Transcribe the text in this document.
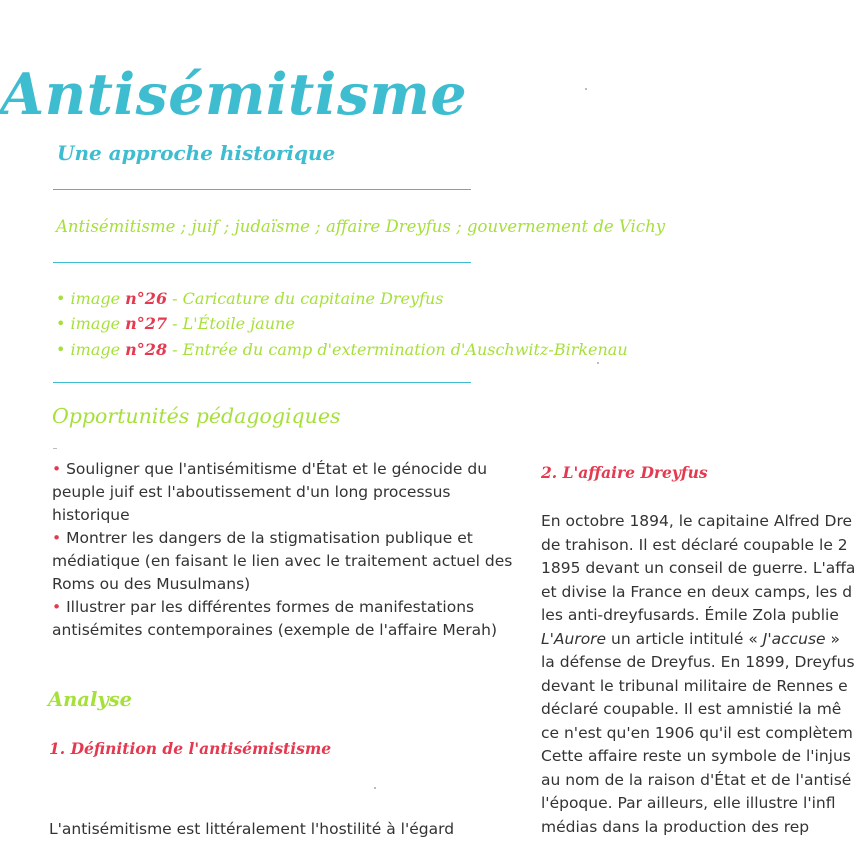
Antisémitisme
Une approche historique
Antisémitisme ; juif ; judaïsme ; affaire Dreyfus ; gouvernement de Vichy
• image n°26 - Caricature du capitaine Dreyfus
• image n°27 - L'Étoile jaune
• image n°28 - Entrée du camp d'extermination d'Auschwitz-Birkenau
Opportunités pédagogiques

• Souligner que l'antisémitisme d'État et le génocide du peuple juif est l'aboutissement d'un long processus historique

• Montrer les dangers de la stigmatisation publique et médiatique (en faisant le lien avec le traitement actuel des Roms ou des Musulmans)

• Illustrer par les différentes formes de manifestations antisémites contemporaines (exemple de l'affaire Merah)

Analyse
1. Définition de l'antisémistisme
L'antisémitisme est littéralement l'hostilité à l'égard
2. L'affaire Dreyfus
En octobre 1894, le capitaine Alfred Dre
de trahison. Il est déclaré coupable le 2
1895 devant un conseil de guerre. L'affa
et divise la France en deux camps, les d
les anti-dreyfusards. Émile Zola publie
L'Aurore un article intitulé « J'accuse »
la défense de Dreyfus. En 1899, Dreyfus
devant le tribunal militaire de Rennes e
déclaré coupable. Il est amnistié la mê
ce n'est qu'en 1906 qu'il est complètem
Cette affaire reste un symbole de l'injus
au nom de la raison d'État et de l'antisé
l'époque. Par ailleurs, elle illustre l'infl
médias dans la production des rep
